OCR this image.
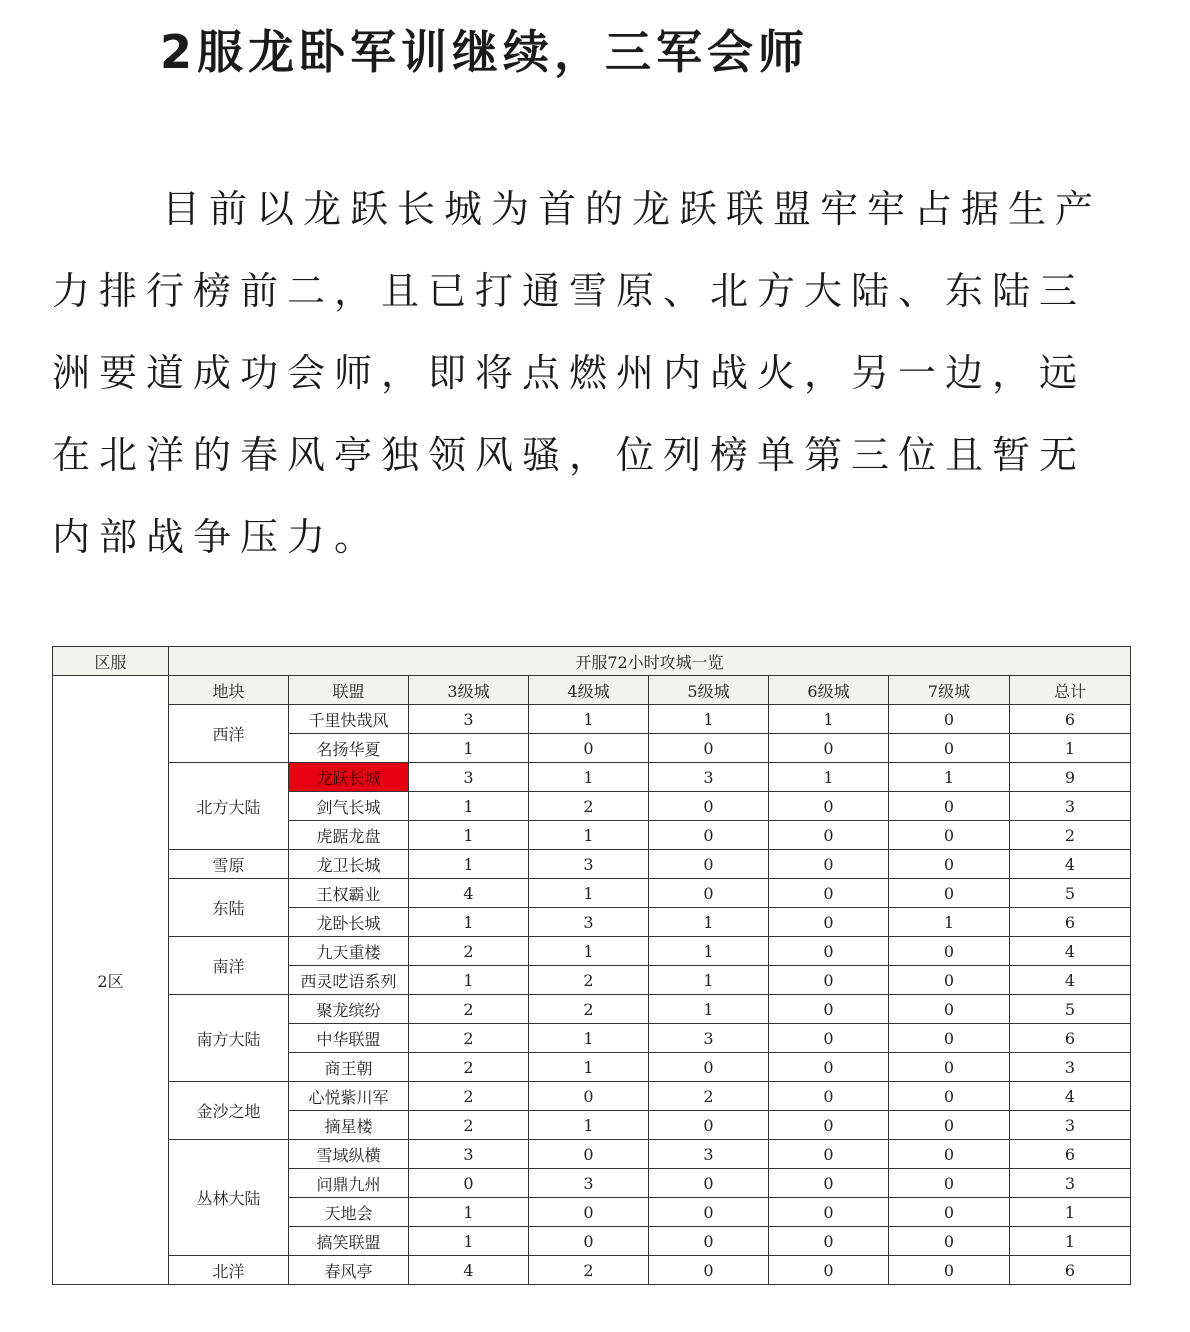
2服龙卧军训继续，三军会师

目前以龙跃长城为首的龙跃联盟牢牢占据生产力排行榜前二，且已打通雪原、北方大陆、东陆三洲要道成功会师，即将点燃州内战火，另一边，远在北洋的春风亭独领风骚，位列榜单第三位且暂无内部战争压力。

区服	开服72小时攻城一览							
2区	地块	联盟	3级城	4级城	5级城	6级城	7级城	总计
	西洋	千里快哉风	3	1	1	1	0	6
		名扬华夏	1	0	0	0	0	1
	北方大陆	龙跃长城	3	1	3	1	1	9
		剑气长城	1	2	0	0	0	3
		虎踞龙盘	1	1	0	0	0	2
	雪原	龙卫长城	1	3	0	0	0	4
	东陆	王权霸业	4	1	0	0	0	5
		龙卧长城	1	3	1	0	1	6
	南洋	九天重楼	2	1	1	0	0	4
		西灵呓语系列	1	2	1	0	0	4
	南方大陆	聚龙缤纷	2	2	1	0	0	5
		中华联盟	2	1	3	0	0	6
		商王朝	2	1	0	0	0	3
	金沙之地	心悦紫川军	2	0	2	0	0	4
		摘星楼	2	1	0	0	0	3
	丛林大陆	雪域纵横	3	0	3	0	0	6
		问鼎九州	0	3	0	0	0	3
		天地会	1	0	0	0	0	1
		搞笑联盟	1	0	0	0	0	1
	北洋	春风亭	4	2	0	0	0	6
